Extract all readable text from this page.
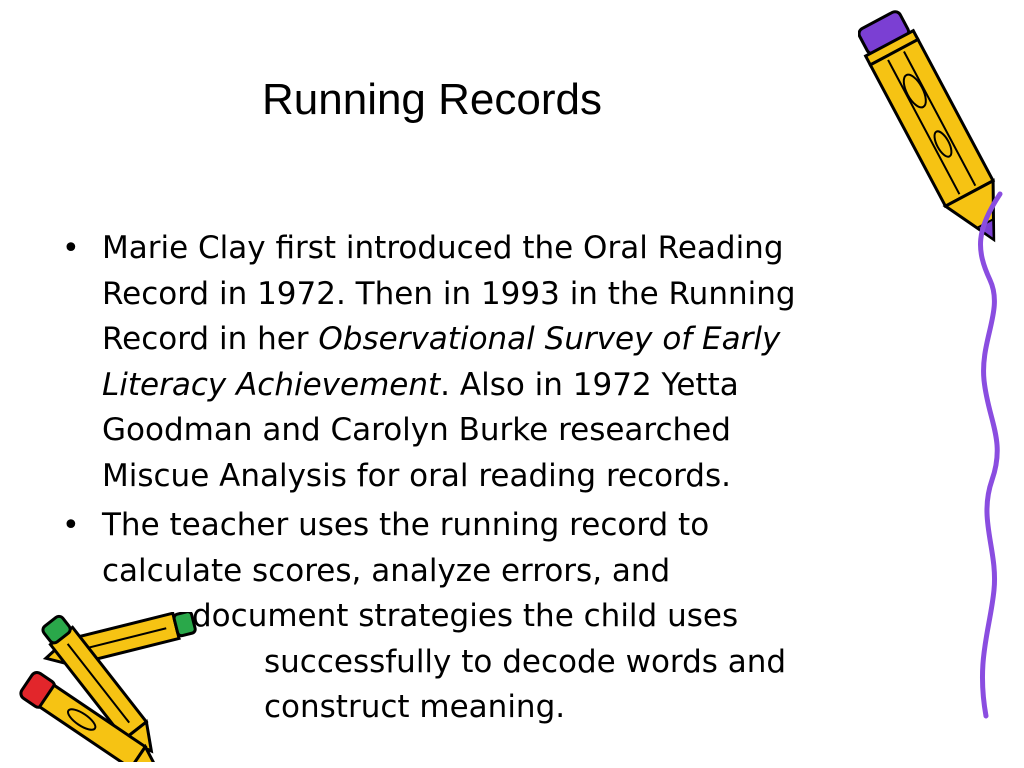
Running Records
• Marie Clay first introduced the Oral Reading
Record in 1972. Then in 1993 in the Running
Record in her Observational Survey of Early
Literacy Achievement. Also in 1972 Yetta
Goodman and Carolyn Burke researched
Miscue Analysis for oral reading records.
• The teacher uses the running record to
calculate scores, analyze errors, and
document strategies the child uses
successfully to decode words and
construct meaning.
